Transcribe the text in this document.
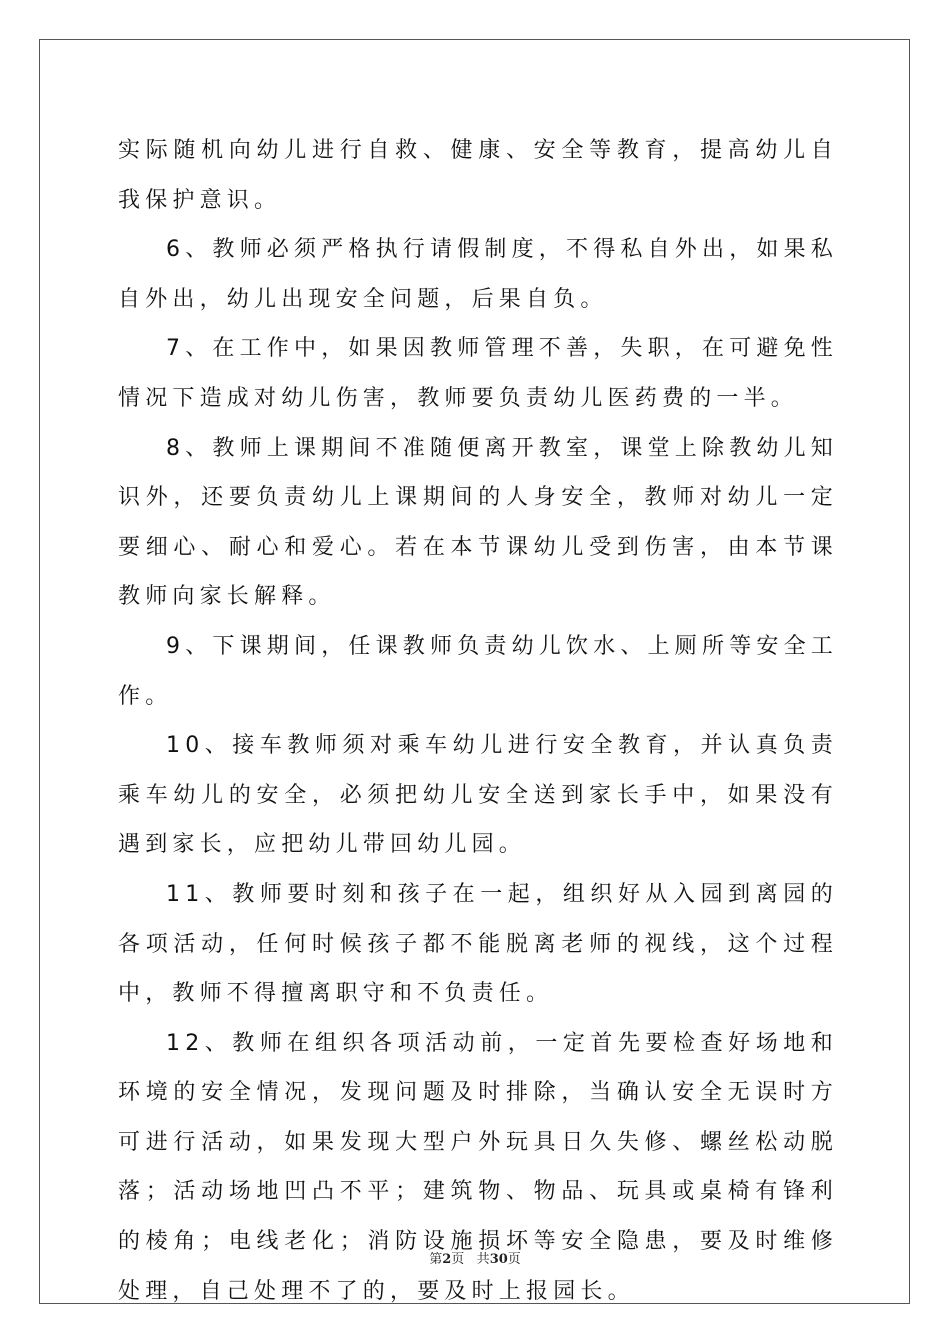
实际随机向幼儿进行自救、健康、安全等教育，提高幼儿自我保护意识。

6、教师必须严格执行请假制度，不得私自外出，如果私自外出，幼儿出现安全问题，后果自负。

7、在工作中，如果因教师管理不善，失职，在可避免性情况下造成对幼儿伤害，教师要负责幼儿医药费的一半。

8、教师上课期间不准随便离开教室，课堂上除教幼儿知识外，还要负责幼儿上课期间的人身安全，教师对幼儿一定要细心、耐心和爱心。若在本节课幼儿受到伤害，由本节课教师向家长解释。

9、下课期间，任课教师负责幼儿饮水、上厕所等安全工作。

10、接车教师须对乘车幼儿进行安全教育，并认真负责乘车幼儿的安全，必须把幼儿安全送到家长手中，如果没有遇到家长，应把幼儿带回幼儿园。

11、教师要时刻和孩子在一起，组织好从入园到离园的各项活动，任何时候孩子都不能脱离老师的视线，这个过程中，教师不得擅离职守和不负责任。

12、教师在组织各项活动前，一定首先要检查好场地和环境的安全情况，发现问题及时排除，当确认安全无误时方可进行活动，如果发现大型户外玩具日久失修、螺丝松动脱落；活动场地凹凸不平；建筑物、物品、玩具或桌椅有锋利的棱角；电线老化；消防设施损坏等安全隐患，要及时维修处理，自己处理不了的，要及时上报园长。

第2页 共30页
